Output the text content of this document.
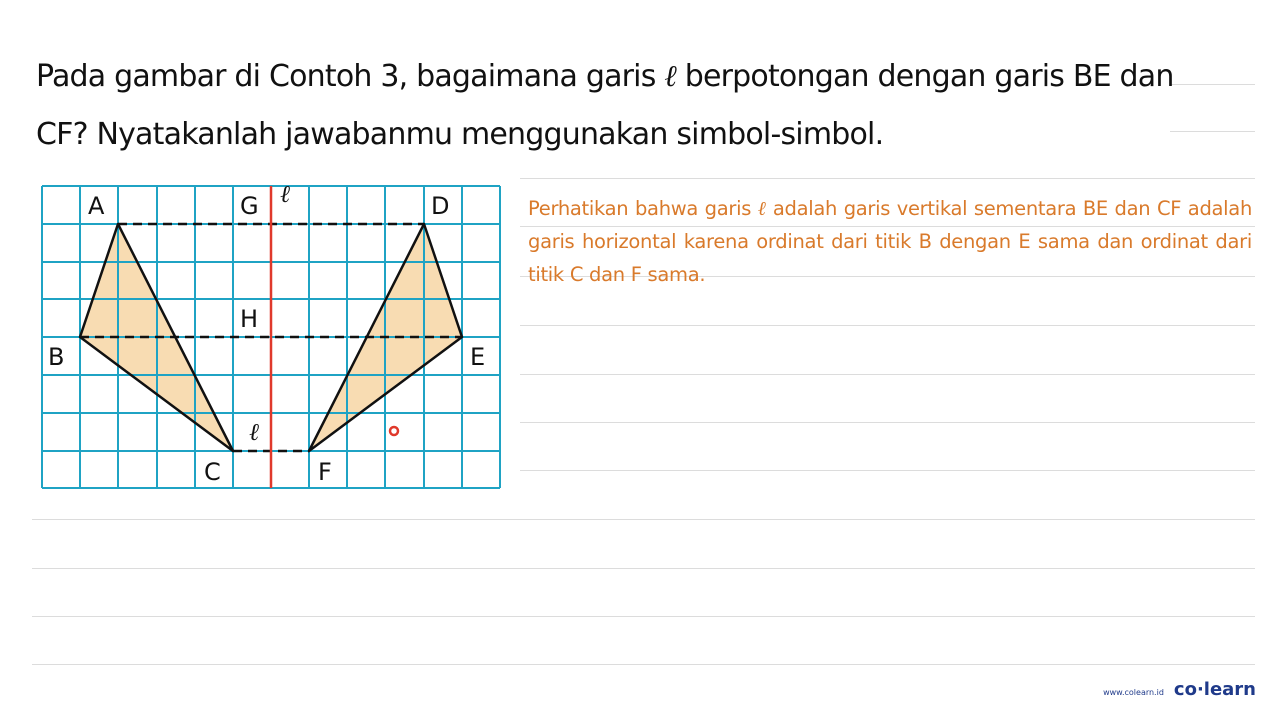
Pada gambar di Contoh 3, bagaimana garis ℓ berpotongan dengan garis BE dan CF? Nyatakanlah jawabanmu menggunakan simbol-simbol.
A	G ℓ	D
H
B	E
ℓ
C	F
Perhatikan bahwa garis ℓ adalah garis vertikal sementara BE dan CF adalah garis horizontal karena ordinat dari titik B dengan E sama dan ordinat dari titik C dan F sama.
www.colearn.id co·learn
